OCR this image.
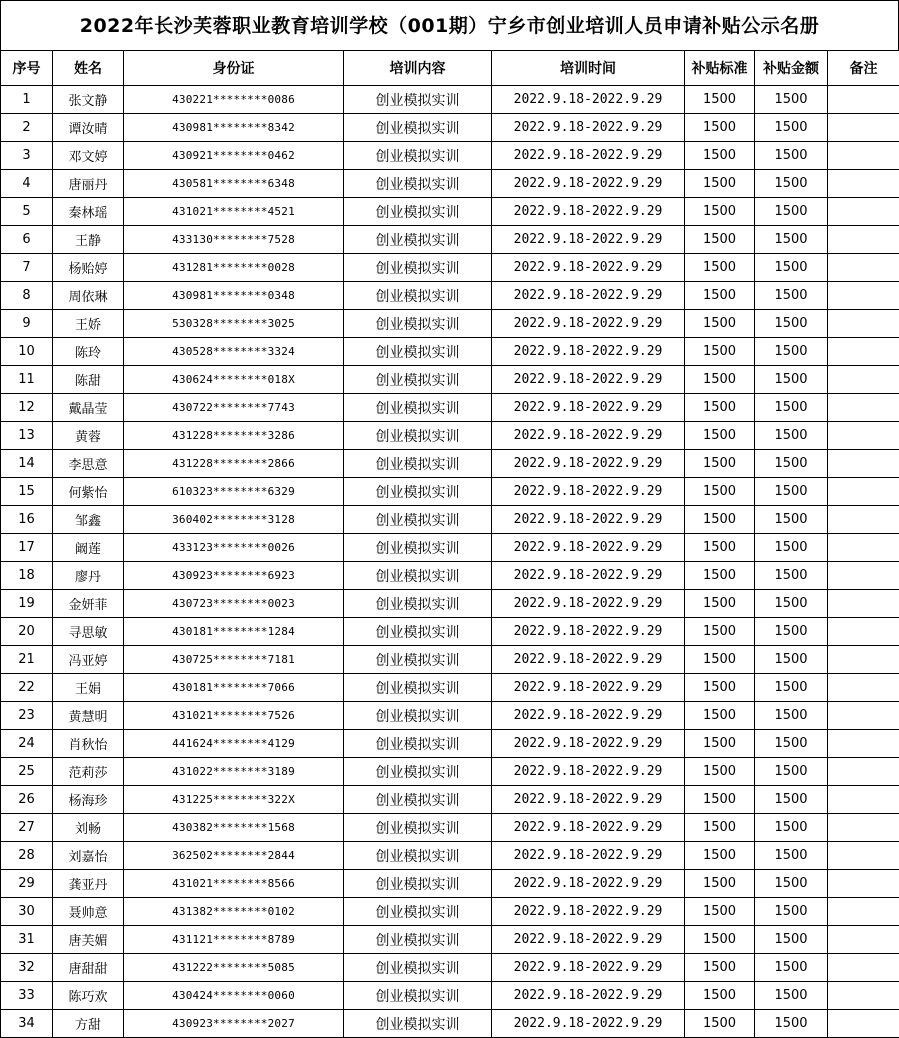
2022年长沙芙蓉职业教育培训学校（001期）宁乡市创业培训人员申请补贴公示名册
序号	姓名	身份证	培训内容	培训时间	补贴标准	补贴金额	备注
1	张文静	430221********0086	创业模拟实训	2022.9.18-2022.9.29	1500	1500	
2	谭汝晴	430981********8342	创业模拟实训	2022.9.18-2022.9.29	1500	1500	
3	邓文婷	430921********0462	创业模拟实训	2022.9.18-2022.9.29	1500	1500	
4	唐丽丹	430581********6348	创业模拟实训	2022.9.18-2022.9.29	1500	1500	
5	秦林瑶	431021********4521	创业模拟实训	2022.9.18-2022.9.29	1500	1500	
6	王静	433130********7528	创业模拟实训	2022.9.18-2022.9.29	1500	1500	
7	杨贻婷	431281********0028	创业模拟实训	2022.9.18-2022.9.29	1500	1500	
8	周依琳	430981********0348	创业模拟实训	2022.9.18-2022.9.29	1500	1500	
9	王娇	530328********3025	创业模拟实训	2022.9.18-2022.9.29	1500	1500	
10	陈玲	430528********3324	创业模拟实训	2022.9.18-2022.9.29	1500	1500	
11	陈甜	430624********018X	创业模拟实训	2022.9.18-2022.9.29	1500	1500	
12	戴晶莹	430722********7743	创业模拟实训	2022.9.18-2022.9.29	1500	1500	
13	黄蓉	431228********3286	创业模拟实训	2022.9.18-2022.9.29	1500	1500	
14	李思意	431228********2866	创业模拟实训	2022.9.18-2022.9.29	1500	1500	
15	何紫怡	610323********6329	创业模拟实训	2022.9.18-2022.9.29	1500	1500	
16	邹鑫	360402********3128	创业模拟实训	2022.9.18-2022.9.29	1500	1500	
17	阚莲	433123********0026	创业模拟实训	2022.9.18-2022.9.29	1500	1500	
18	廖丹	430923********6923	创业模拟实训	2022.9.18-2022.9.29	1500	1500	
19	金妍菲	430723********0023	创业模拟实训	2022.9.18-2022.9.29	1500	1500	
20	寻思敏	430181********1284	创业模拟实训	2022.9.18-2022.9.29	1500	1500	
21	冯亚婷	430725********7181	创业模拟实训	2022.9.18-2022.9.29	1500	1500	
22	王娟	430181********7066	创业模拟实训	2022.9.18-2022.9.29	1500	1500	
23	黄慧明	431021********7526	创业模拟实训	2022.9.18-2022.9.29	1500	1500	
24	肖秋怡	441624********4129	创业模拟实训	2022.9.18-2022.9.29	1500	1500	
25	范莉莎	431022********3189	创业模拟实训	2022.9.18-2022.9.29	1500	1500	
26	杨海珍	431225********322X	创业模拟实训	2022.9.18-2022.9.29	1500	1500	
27	刘畅	430382********1568	创业模拟实训	2022.9.18-2022.9.29	1500	1500	
28	刘嘉怡	362502********2844	创业模拟实训	2022.9.18-2022.9.29	1500	1500	
29	龚亚丹	431021********8566	创业模拟实训	2022.9.18-2022.9.29	1500	1500	
30	聂帅意	431382********0102	创业模拟实训	2022.9.18-2022.9.29	1500	1500	
31	唐芙媚	431121********8789	创业模拟实训	2022.9.18-2022.9.29	1500	1500	
32	唐甜甜	431222********5085	创业模拟实训	2022.9.18-2022.9.29	1500	1500	
33	陈巧欢	430424********0060	创业模拟实训	2022.9.18-2022.9.29	1500	1500	
34	方甜	430923********2027	创业模拟实训	2022.9.18-2022.9.29	1500	1500	
